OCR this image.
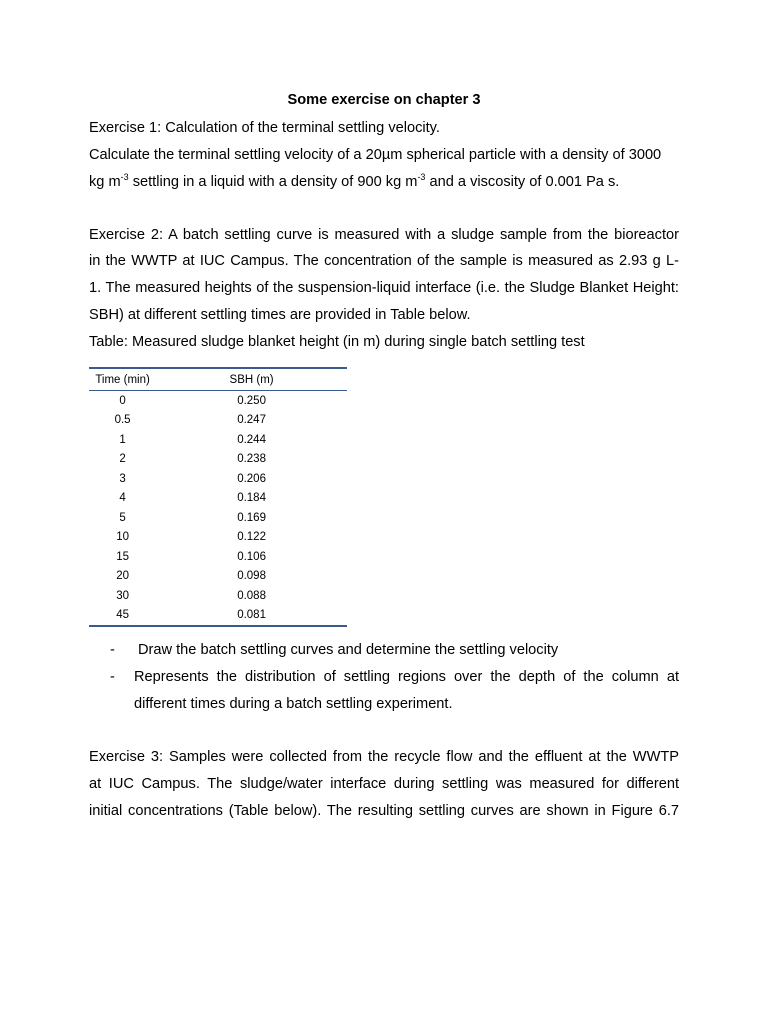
Some exercise on chapter 3
Exercise 1: Calculation of the terminal settling velocity.
Calculate the terminal settling velocity of a 20µm spherical particle with a density of 3000
kg $m^{-3}$ settling in a liquid with a density of 900 kg $m^{-3}$ and a viscosity of 0.001 Pa s.
Exercise 2: A batch settling curve is measured with a sludge sample from the bioreactor
in the WWTP at IUC Campus. The concentration of the sample is measured as 2.93 g L-
1. The measured heights of the suspension-liquid interface (i.e. the Sludge Blanket Height:
SBH) at different settling times are provided in Table below.
Table: Measured sludge blanket height (in m) during single batch settling test
Time (min)	SBH (m)
0	0.250
0.5	0.247
1	0.244
2	0.238
3	0.206
4	0.184
5	0.169
10	0.122
15	0.106
20	0.098
30	0.088
45	0.081
- Draw the batch settling curves and determine the settling velocity
- Represents the distribution of settling regions over the depth of the column at
different times during a batch settling experiment.
Exercise 3: Samples were collected from the recycle flow and the effluent at the WWTP
at IUC Campus. The sludge/water interface during settling was measured for different
initial concentrations (Table below). The resulting settling curves are shown in Figure 6.7
